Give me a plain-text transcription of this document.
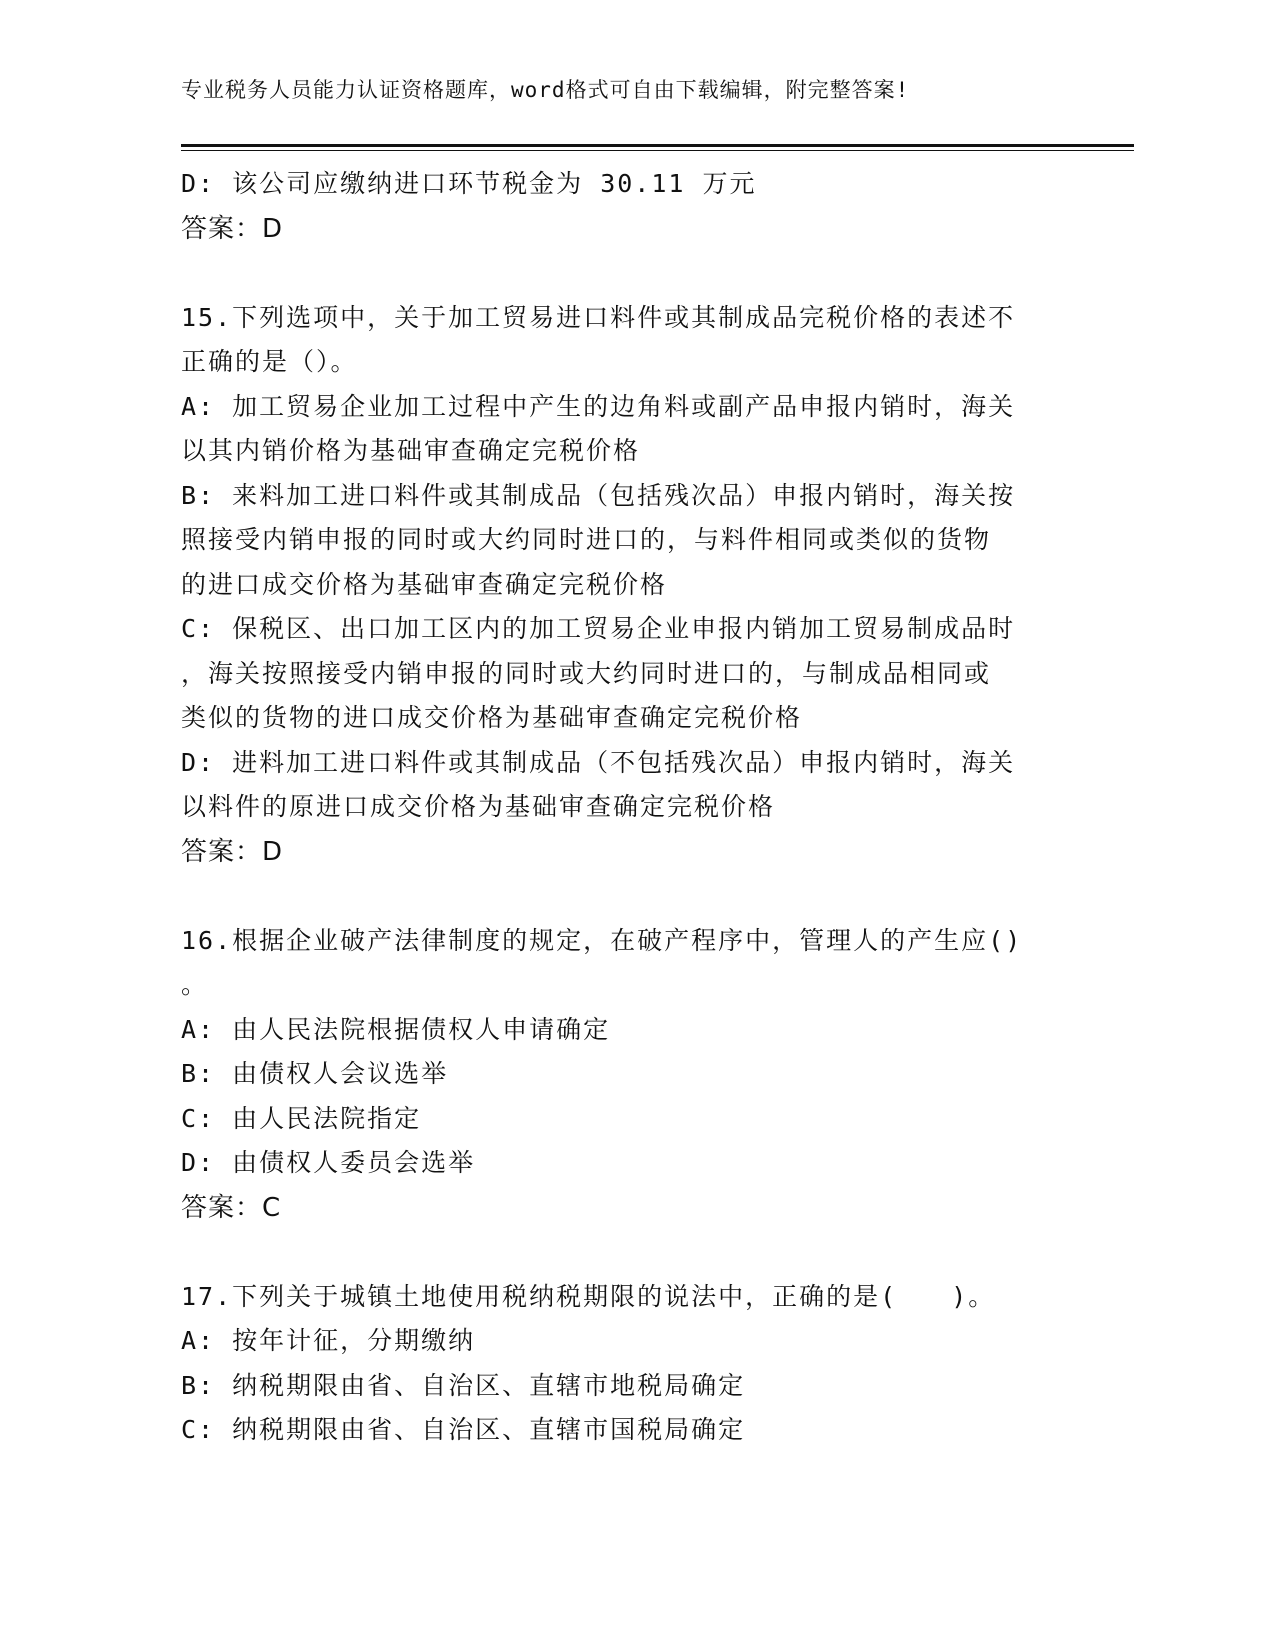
专业税务人员能力认证资格题库，word格式可自由下载编辑，附完整答案!
D: 该公司应缴纳进口环节税金为 30.11 万元
答案：D
15.下列选项中，关于加工贸易进口料件或其制成品完税价格的表述不
正确的是（）。
A: 加工贸易企业加工过程中产生的边角料或副产品申报内销时，海关
以其内销价格为基础审查确定完税价格
B: 来料加工进口料件或其制成品（包括残次品）申报内销时，海关按
照接受内销申报的同时或大约同时进口的，与料件相同或类似的货物
的进口成交价格为基础审查确定完税价格
C: 保税区、出口加工区内的加工贸易企业申报内销加工贸易制成品时
，海关按照接受内销申报的同时或大约同时进口的，与制成品相同或
类似的货物的进口成交价格为基础审查确定完税价格
D: 进料加工进口料件或其制成品（不包括残次品）申报内销时，海关
以料件的原进口成交价格为基础审查确定完税价格
答案：D
16.根据企业破产法律制度的规定，在破产程序中，管理人的产生应()
。
A: 由人民法院根据债权人申请确定
B: 由债权人会议选举
C: 由人民法院指定
D: 由债权人委员会选举
答案：C
17.下列关于城镇土地使用税纳税期限的说法中，正确的是(　　)。
A: 按年计征，分期缴纳
B: 纳税期限由省、自治区、直辖市地税局确定
C: 纳税期限由省、自治区、直辖市国税局确定
